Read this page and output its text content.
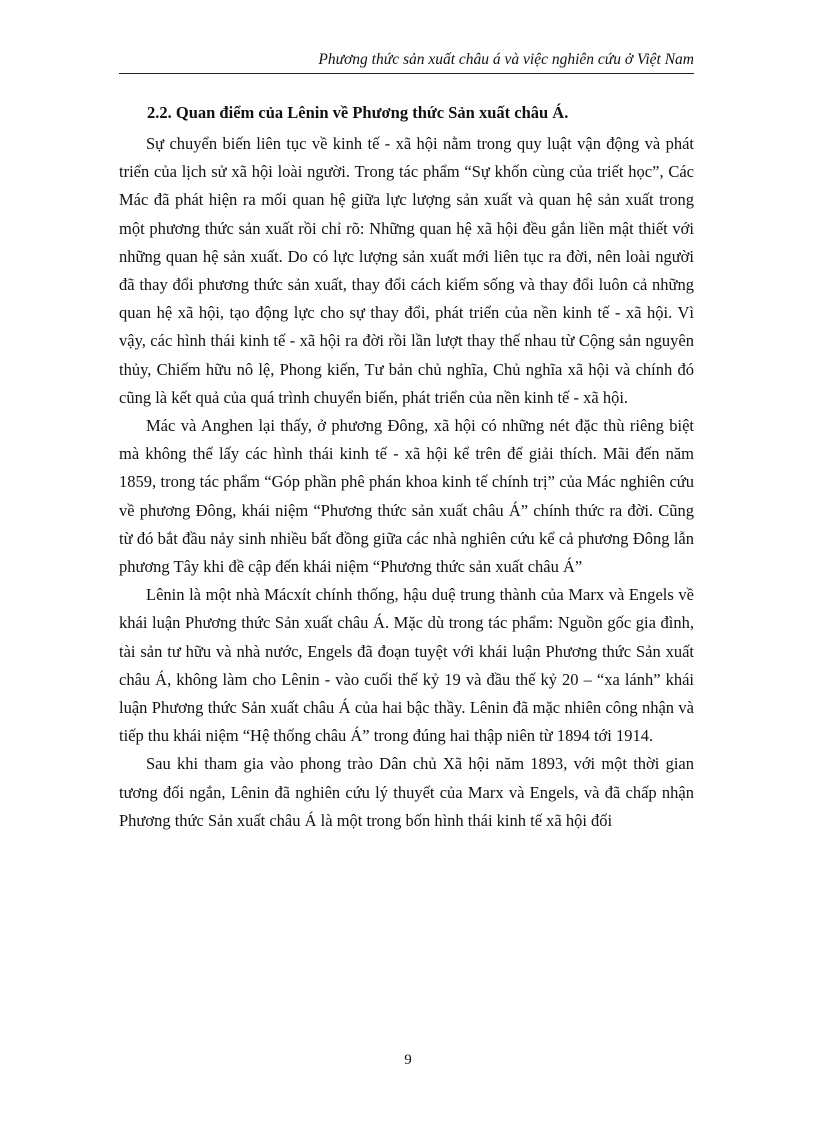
Phương thức sản xuất châu á và việc nghiên cứu ở Việt Nam
2.2. Quan điểm của Lênin về Phương thức Sản xuất châu Á.

Sự chuyển biến liên tục về kinh tế - xã hội nằm trong quy luật vận động và phát triển của lịch sử xã hội loài người. Trong tác phẩm “Sự khốn cùng của triết học”, Các Mác đã phát hiện ra mối quan hệ giữa lực lượng sản xuất và quan hệ sản xuất trong một phương thức sản xuất rồi chỉ rõ: Những quan hệ xã hội đều gắn liền mật thiết với những quan hệ sản xuất. Do có lực lượng sản xuất mới liên tục ra đời, nên loài người đã thay đổi phương thức sản xuất, thay đổi cách kiếm sống và thay đổi luôn cả những quan hệ xã hội, tạo động lực cho sự thay đổi, phát triển của nền kinh tế - xã hội. Vì vậy, các hình thái kinh tế - xã hội ra đời rồi lần lượt thay thế nhau từ Cộng sản nguyên thủy, Chiếm hữu nô lệ, Phong kiến, Tư bản chủ nghĩa, Chủ nghĩa xã hội và chính đó cũng là kết quả của quá trình chuyển biến, phát triển của nền kinh tế - xã hội.

Mác và Anghen lại thấy, ở phương Đông, xã hội có những nét đặc thù riêng biệt mà không thể lấy các hình thái kinh tế - xã hội kể trên để giải thích. Mãi đến năm 1859, trong tác phẩm “Góp phần phê phán khoa kinh tế chính trị” của Mác nghiên cứu về phương Đông, khái niệm “Phương thức sản xuất châu Á” chính thức ra đời. Cũng từ đó bắt đầu nảy sinh nhiều bất đồng giữa các nhà nghiên cứu kể cả phương Đông lẫn phương Tây khi đề cập đến khái niệm “Phương thức sản xuất châu Á”

Lênin là một nhà Mácxít chính thống, hậu duệ trung thành của Marx và Engels về khái luận Phương thức Sản xuất châu Á. Mặc dù trong tác phẩm: Nguồn gốc gia đình, tài sản tư hữu và nhà nước, Engels đã đoạn tuyệt với khái luận Phương thức Sản xuất châu Á, không làm cho Lênin - vào cuối thế kỷ 19 và đầu thế kỷ 20 – “xa lánh” khái luận Phương thức Sản xuất châu Á của hai bậc thầy. Lênin đã mặc nhiên công nhận và tiếp thu khái niệm “Hệ thống châu Á” trong đúng hai thập niên từ 1894 tới 1914.

Sau khi tham gia vào phong trào Dân chủ Xã hội năm 1893, với một thời gian tương đối ngắn, Lênin đã nghiên cứu lý thuyết của Marx và Engels, và đã chấp nhận Phương thức Sản xuất châu Á là một trong bốn hình thái kinh tế xã hội đối

9
